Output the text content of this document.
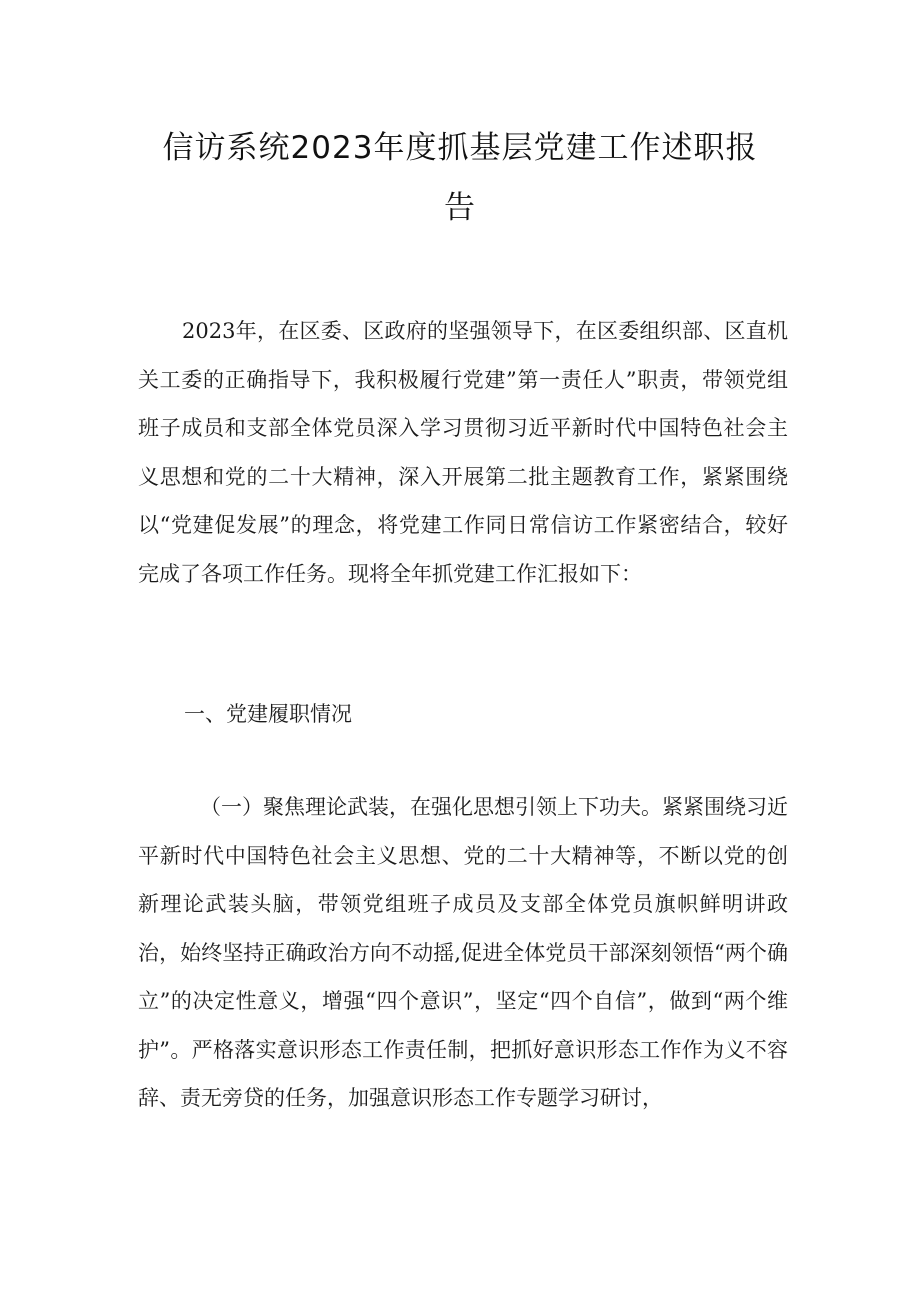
信访系统2023年度抓基层党建工作述职报告
2023年，在区委、区政府的坚强领导下，在区委组织部、区直机关工委的正确指导下，我积极履行党建”第一责任人”职责，带领党组班子成员和支部全体党员深入学习贯彻习近平新时代中国特色社会主义思想和党的二十大精神，深入开展第二批主题教育工作，紧紧围绕以“党建促发展”的理念，将党建工作同日常信访工作紧密结合，较好完成了各项工作任务。现将全年抓党建工作汇报如下：
一、党建履职情况
（一）聚焦理论武装，在强化思想引领上下功夫。紧紧围绕习近平新时代中国特色社会主义思想、党的二十大精神等，不断以党的创新理论武装头脑，带领党组班子成员及支部全体党员旗帜鲜明讲政治，始终坚持正确政治方向不动摇,促进全体党员干部深刻领悟“两个确立”的决定性意义，增强“四个意识”，坚定“四个自信”，做到“两个维护”。严格落实意识形态工作责任制，把抓好意识形态工作作为义不容辞、责无旁贷的任务，加强意识形态工作专题学习研讨，
